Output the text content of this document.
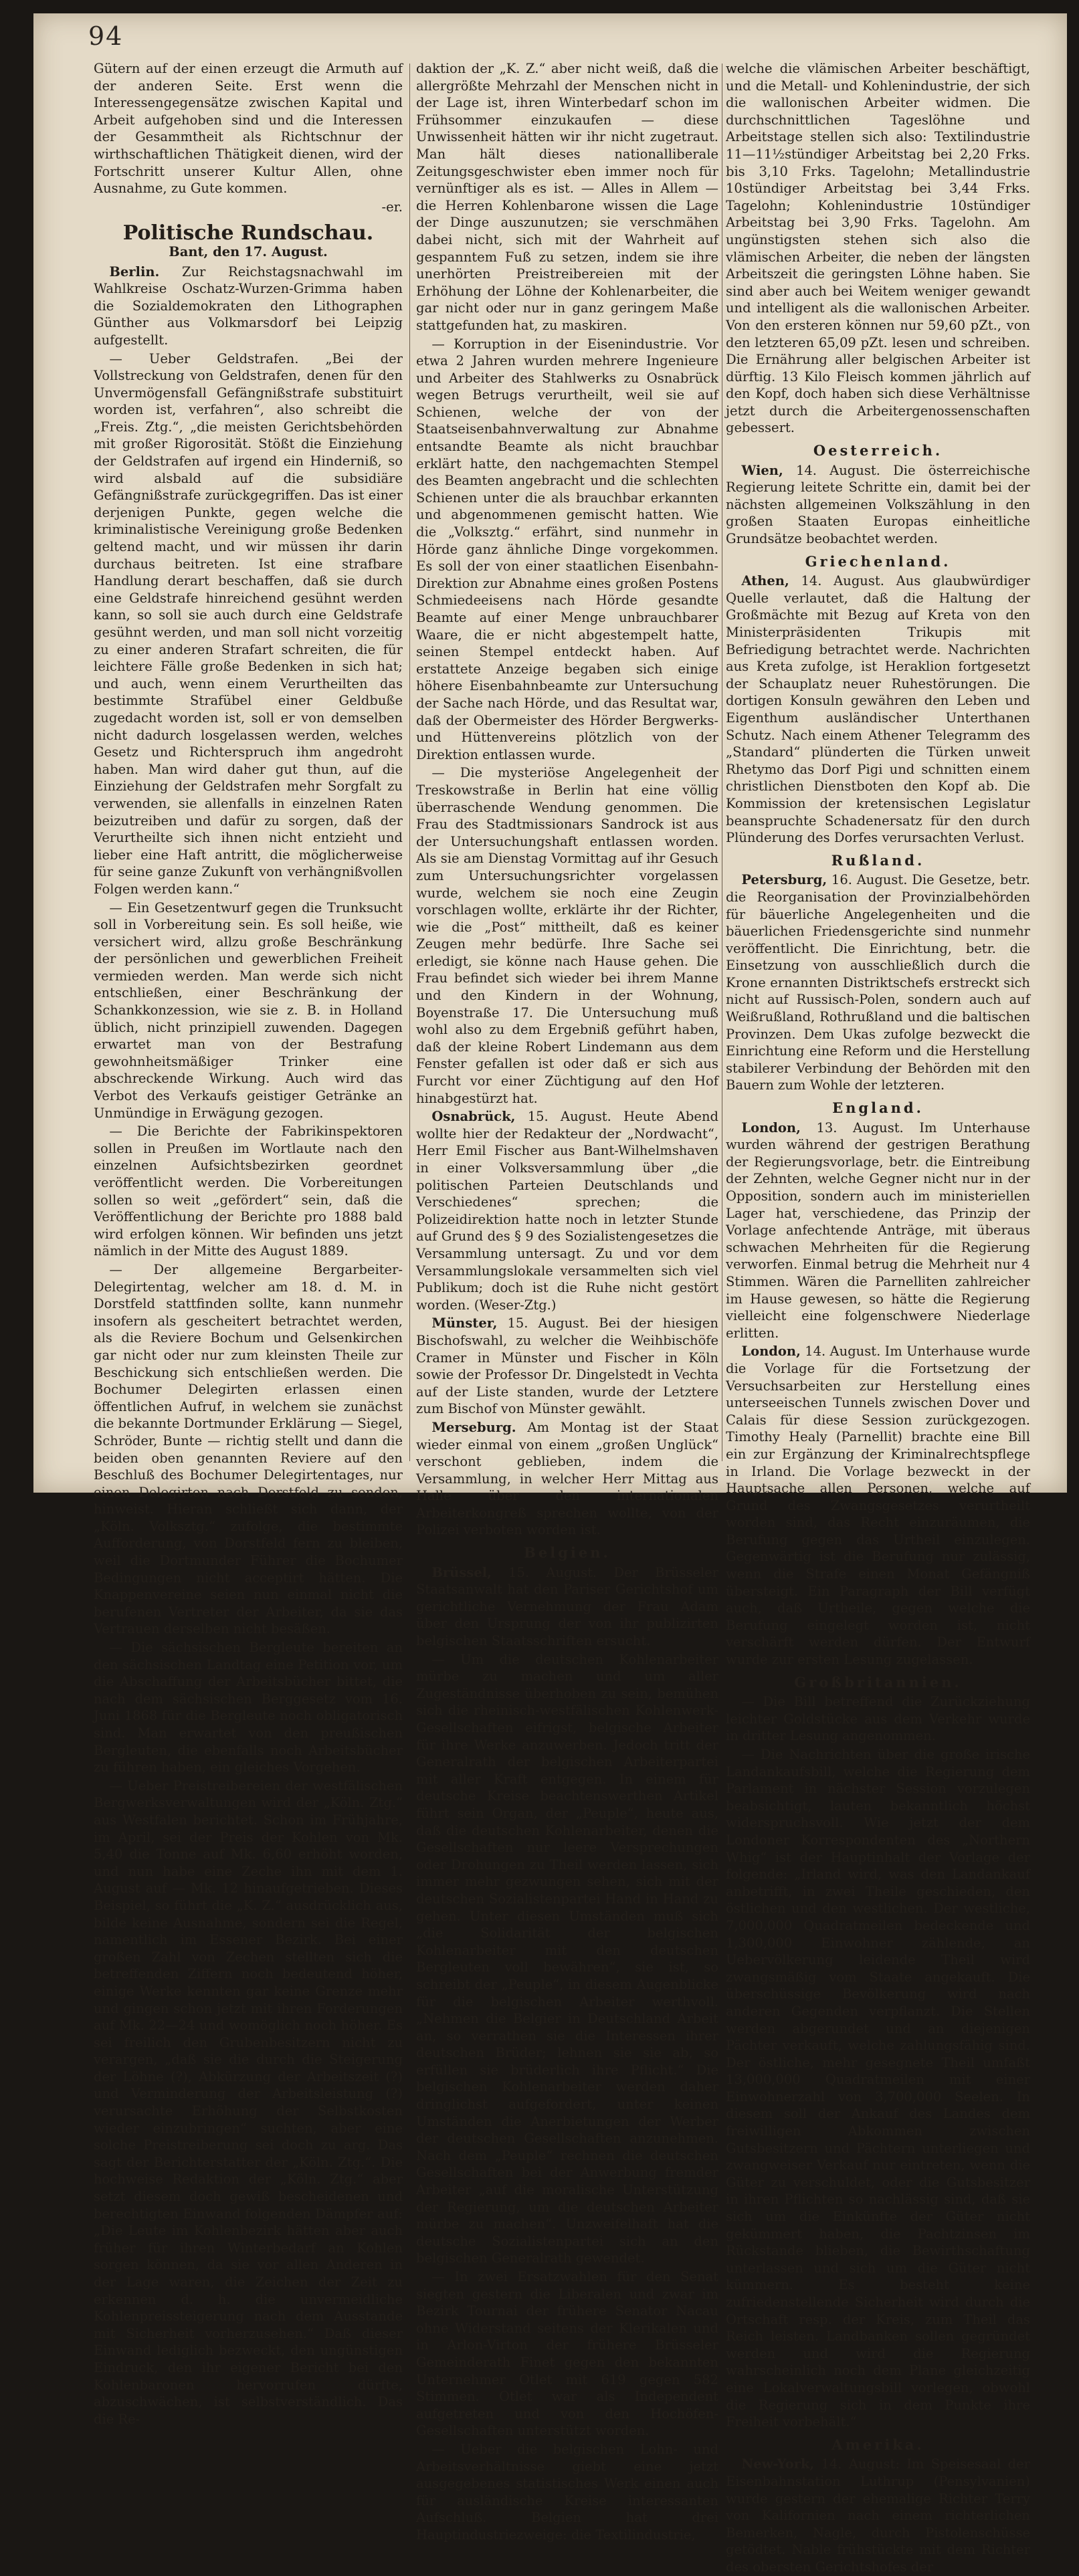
94

Gütern auf der einen erzeugt die Armuth auf der anderen Seite. Erst wenn die Interessengegensätze zwischen Kapital und Arbeit aufgehoben sind und die Interessen der Gesammtheit als Richtschnur der wirthschaftlichen Thätigkeit dienen, wird der Fortschritt unserer Kultur Allen, ohne Ausnahme, zu Gute kommen.

-er.
Politische Rundschau.
Bant, den 17. August.

Berlin. Zur Reichstagsnachwahl im Wahlkreise Oschatz-Wurzen-Grimma haben die Sozialdemokraten den Lithographen Günther aus Volkmarsdorf bei Leipzig aufgestellt.

— Ueber Geldstrafen. „Bei der Vollstreckung von Geldstrafen, denen für den Unvermögensfall Gefängnißstrafe substituirt worden ist, verfahren“, also schreibt die „Freis. Ztg.“, „die meisten Gerichtsbehörden mit großer Rigorosität. Stößt die Einziehung der Geldstrafen auf irgend ein Hinderniß, so wird alsbald auf die subsidiäre Gefängnißstrafe zurückgegriffen. Das ist einer derjenigen Punkte, gegen welche die kriminalistische Vereinigung große Bedenken geltend macht, und wir müssen ihr darin durchaus beitreten. Ist eine strafbare Handlung derart beschaffen, daß sie durch eine Geldstrafe hinreichend gesühnt werden kann, so soll sie auch durch eine Geldstrafe gesühnt werden, und man soll nicht vorzeitig zu einer anderen Strafart schreiten, die für leichtere Fälle große Bedenken in sich hat; und auch, wenn einem Verurtheilten das bestimmte Strafübel einer Geldbuße zugedacht worden ist, soll er von demselben nicht dadurch losgelassen werden, welches Gesetz und Richterspruch ihm angedroht haben. Man wird daher gut thun, auf die Einziehung der Geldstrafen mehr Sorgfalt zu verwenden, sie allenfalls in einzelnen Raten beizutreiben und dafür zu sorgen, daß der Verurtheilte sich ihnen nicht entzieht und lieber eine Haft antritt, die möglicherweise für seine ganze Zukunft von verhängnißvollen Folgen werden kann.“

— Ein Gesetzentwurf gegen die Trunksucht soll in Vorbereitung sein. Es soll heiße, wie versichert wird, allzu große Beschränkung der persönlichen und gewerblichen Freiheit vermieden werden. Man werde sich nicht entschließen, einer Beschränkung der Schankkonzession, wie sie z. B. in Holland üblich, nicht prinzipiell zuwenden. Dagegen erwartet man von der Bestrafung gewohnheitsmäßiger Trinker eine abschreckende Wirkung. Auch wird das Verbot des Verkaufs geistiger Getränke an Unmündige in Erwägung gezogen.

— Die Berichte der Fabrikinspektoren sollen in Preußen im Wortlaute nach den einzelnen Aufsichtsbezirken geordnet veröffentlicht werden. Die Vorbereitungen sollen so weit „gefördert“ sein, daß die Veröffentlichung der Berichte pro 1888 bald wird erfolgen können. Wir befinden uns jetzt nämlich in der Mitte des August 1889.

— Der allgemeine Bergarbeiter-Delegirtentag, welcher am 18. d. M. in Dorstfeld stattfinden sollte, kann nunmehr insofern als gescheitert betrachtet werden, als die Reviere Bochum und Gelsenkirchen gar nicht oder nur zum kleinsten Theile zur Beschickung sich entschließen werden. Die Bochumer Delegirten erlassen einen öffentlichen Aufruf, in welchem sie zunächst die bekannte Dortmunder Erklärung — Siegel, Schröder, Bunte — richtig stellt und dann die beiden oben genannten Reviere auf den Beschluß des Bochumer Delegirtentages, nur einen Delegirten nach Dorstfeld zu senden, hinweist. Hieran schließt sich dann, der „Köln. Volksztg.“ zufolge, die bestimmte Aufforderung, von Dorstfeld fern zu bleiben, weil die Dortmunder Führer die Bochumer Bedingungen nicht acceptirt hätten. Die Knappenvereine seien nun einmal nicht die berufenen Vertreter der Arbeiter, da sie das Vertrauen derselben nicht besäßen.

— Die sächsischen Bergleute bereiten an den sächsischen Landtag eine Petition vor, um die Abschaffung der Arbeitsbücher bittet, die nach dem sächsischen Berggesetz vom 16. Juni 1868 für die Bergleute noch obligatorisch sind. Man erwartet von den preußischen Bergleuten, die ebenfalls noch Arbeitsbücher zu führen haben, ein gleiches Vorgehen.

— Ueber Preistreibereien der westfälischen Bergwerksverwaltungen wird der „Köln. Ztg.“ aus Westfalen berichtet. Schon im Frühjahre, im April, sei der Preis der Kohlen von Mk. 5,40 die Tonne auf Mk. 6,60 erhöht worden, und nun habe eine Zeche ihn mit dem 1. August auf — Mk. 12 hinaufgetrieben. Dieses Beispiel, so führt die „K. Z.“ ausdrücklich aus, bilde keine Ausnahme, sondern sei die Regel, namentlich im Essener Bezirk. Bei einer großen Zahl von Zechen stellten sich die betreffenden Ziffern noch bedeutend höher, einige Werke kennten gar keine Grenze mehr und gingen schon jetzt mit ihren Forderungen auf Mk. 22—24 und womöglich noch höher. Es sei freilich den Grubenbesitzern nicht zu verargen, „daß sie die durch die Steigerung der Löhne (?), Abkürzung der Arbeitszeit (?) und Verminderung der Arbeitsleistung (?) verursachte Erhöhung der Selbstkosten wieder einzubringen“ suchten, aber eine solche Preistreiberung sei doch zu arg. Das sagt der Berichterstatter der „Köln. Ztg.“. Die hochweise Redaktion der „Köln. Ztg.“ aber setzt diesem doch gewiß bescheidenen und berechtigten Einwand folgenden Dämpfer auf: „Die Leute im Kohlenbezirk hätten aber auch früher für ihren Winterbedarf an Kohlen sorgen können, da sie vor allen Anderen in der Lage waren, die Zeichen der Zeit zu erkennen d. h. die unvermeidliche Kohlenpreissteigerung nach dem Ausstande mit Sicherheit vorherzusehen.“ Daß dieser Einwand lediglich bezweckt, den ungünstigen Eindruck, den ihr eigener Bericht bei den Kohlenbaronen hervorrufen dürfte, abzuschwächen, ist selbstverständlich. Das die Re-

daktion der „K. Z.“ aber nicht weiß, daß die allergrößte Mehrzahl der Menschen nicht in der Lage ist, ihren Winterbedarf schon im Frühsommer einzukaufen — diese Unwissenheit hätten wir ihr nicht zugetraut. Man hält dieses nationalliberale Zeitungsgeschwister eben immer noch für vernünftiger als es ist. — Alles in Allem — die Herren Kohlenbarone wissen die Lage der Dinge auszunutzen; sie verschmähen dabei nicht, sich mit der Wahrheit auf gespanntem Fuß zu setzen, indem sie ihre unerhörten Preistreibereien mit der Erhöhung der Löhne der Kohlenarbeiter, die gar nicht oder nur in ganz geringem Maße stattgefunden hat, zu maskiren.

— Korruption in der Eisenindustrie. Vor etwa 2 Jahren wurden mehrere Ingenieure und Arbeiter des Stahlwerks zu Osnabrück wegen Betrugs verurtheilt, weil sie auf Schienen, welche der von der Staatseisenbahnverwaltung zur Abnahme entsandte Beamte als nicht brauchbar erklärt hatte, den nachgemachten Stempel des Beamten angebracht und die schlechten Schienen unter die als brauchbar erkannten und abgenommenen gemischt hatten. Wie die „Volksztg.“ erfährt, sind nunmehr in Hörde ganz ähnliche Dinge vorgekommen. Es soll der von einer staatlichen Eisenbahn-Direktion zur Abnahme eines großen Postens Schmiedeeisens nach Hörde gesandte Beamte auf einer Menge unbrauchbarer Waare, die er nicht abgestempelt hatte, seinen Stempel entdeckt haben. Auf erstattete Anzeige begaben sich einige höhere Eisenbahnbeamte zur Untersuchung der Sache nach Hörde, und das Resultat war, daß der Obermeister des Hörder Bergwerks- und Hüttenvereins plötzlich von der Direktion entlassen wurde.

— Die mysteriöse Angelegenheit der Treskowstraße in Berlin hat eine völlig überraschende Wendung genommen. Die Frau des Stadtmissionars Sandrock ist aus der Untersuchungshaft entlassen worden. Als sie am Dienstag Vormittag auf ihr Gesuch zum Untersuchungsrichter vorgelassen wurde, welchem sie noch eine Zeugin vorschlagen wollte, erklärte ihr der Richter, wie die „Post“ mittheilt, daß es keiner Zeugen mehr bedürfe. Ihre Sache sei erledigt, sie könne nach Hause gehen. Die Frau befindet sich wieder bei ihrem Manne und den Kindern in der Wohnung, Boyenstraße 17. Die Untersuchung muß wohl also zu dem Ergebniß geführt haben, daß der kleine Robert Lindemann aus dem Fenster gefallen ist oder daß er sich aus Furcht vor einer Züchtigung auf den Hof hinabgestürzt hat.

Osnabrück, 15. August. Heute Abend wollte hier der Redakteur der „Nordwacht“, Herr Emil Fischer aus Bant-Wilhelmshaven in einer Volksversammlung über „die politischen Parteien Deutschlands und Verschiedenes“ sprechen; die Polizeidirektion hatte noch in letzter Stunde auf Grund des § 9 des Sozialistengesetzes die Versammlung untersagt. Zu und vor dem Versammlungslokale versammelten sich viel Publikum; doch ist die Ruhe nicht gestört worden. (Weser-Ztg.)

Münster, 15. August. Bei der hiesigen Bischofswahl, zu welcher die Weihbischöfe Cramer in Münster und Fischer in Köln sowie der Professor Dr. Dingelstedt in Vechta auf der Liste standen, wurde der Letztere zum Bischof von Münster gewählt.

Merseburg. Am Montag ist der Staat wieder einmal von einem „großen Unglück“ verschont geblieben, indem die Versammlung, in welcher Herr Mittag aus Halle über den internationalen Arbeiterkongreß sprechen wollte, von der Polizei verboten worden ist.

Belgien.

Brüssel, 15. August. Der Brüsseler Staatsanwalt hat den Pariser Gerichtshof um gerichtliche Vernehmung der Frau Adam über den Ursprung der von ihr publizirten belgischen Staatsschriften ersucht.

— Um die deutschen Kohlenarbeiter mürbe zu machen und um aller Zugeständnisse überhoben zu sein, bemühen sich die rheinisch-westfälischen Kohlenwerk-Gesellschaften eifrigst, belgische Arbeiter für ihre Werke anzuwerben. Jedoch tritt der Generalrath der belgischen Arbeiterpartei mit aller Kraft entgegen. In einem für deutsche Kreise beachtenswerthen Artikel führt sein Organ, der „Peuple“, heute aus, daß die deutschen Kohlenarbeiter, denen die Gesellschaften nur leere Versprechungen oder Drohungen zu Theil werden lassen, sich immer mehr gezwungen sehen, sich mit der deutschen Sozialistenpartei Hand in Hand zu gehen. Unter diesen Umständen muß sich „die Solidarität der belgischen Kohlenarbeiter mit den deutschen Bergleuten voll bewähren“, sie ist, so schreibt der „Peuple“, in diesem Augenblicke für die belgischen Arbeiter werthvoll. „Nehmen die Belgier in Deutschland Arbeit an, so verrathen sie die Interessen ihrer deutschen Brüder; lehnen sie sie ab, so erfüllen sie brüderlich ihre Pflicht.“ Die belgischen Kohlenarbeiter werden daher dringlichst aufgefordert, unter keinen Umständen die Anerbietungen der Werber der deutschen Gesellschaften anzunehmen. Nach dem „Peuple“ rechnen die deutschen Gesellschaften bei der Anwerbung fremder Arbeiter „auf die moralische Unterstützung der Regierung, um die deutschen Arbeiter mürbe zu machen“. Unzweifelhaft hat die deutsche Sozialistenpartei sich an den belgischen Generalrath gewendet.

— In zwei Ersatzwahlen für den Senat siegten gestern die Liberalen und zwar im Bezirk Tournai der frühere Senator Nacau ohne Widerstand seitens der Klerikalen und in Arlon-Virton der frühere Brüsseler Gemeinderath Finet gegen den bekannten Unternehmer Otlet mit 619 gegen 582 Stimmen. Otlet war als Independent aufgetreten und von den Hochöfen-Gesellschaften unterstützt worden.

— Ueber die belgischen Lohn- und Arbeitsverhältnisse giebt eine jetzt ausgegebenes statistisches Werk einen auch für ausländische Kreise interessanten Aufschluß. Belgien hat drei Hauptindustriezweige: die Textilindustrie,

welche die vlämischen Arbeiter beschäftigt, und die Metall- und Kohlenindustrie, der sich die wallonischen Arbeiter widmen. Die durchschnittlichen Tageslöhne und Arbeitstage stellen sich also: Textilindustrie 11—11½stündiger Arbeitstag bei 2,20 Frks. bis 3,10 Frks. Tagelohn; Metallindustrie 10stündiger Arbeitstag bei 3,44 Frks. Tagelohn; Kohlenindustrie 10stündiger Arbeitstag bei 3,90 Frks. Tagelohn. Am ungünstigsten stehen sich also die vlämischen Arbeiter, die neben der längsten Arbeitszeit die geringsten Löhne haben. Sie sind aber auch bei Weitem weniger gewandt und intelligent als die wallonischen Arbeiter. Von den ersteren können nur 59,60 pZt., von den letzteren 65,09 pZt. lesen und schreiben. Die Ernährung aller belgischen Arbeiter ist dürftig. 13 Kilo Fleisch kommen jährlich auf den Kopf, doch haben sich diese Verhältnisse jetzt durch die Arbeitergenossenschaften gebessert.

Oesterreich.

Wien, 14. August. Die österreichische Regierung leitete Schritte ein, damit bei der nächsten allgemeinen Volkszählung in den großen Staaten Europas einheitliche Grundsätze beobachtet werden.

Griechenland.

Athen, 14. August. Aus glaubwürdiger Quelle verlautet, daß die Haltung der Großmächte mit Bezug auf Kreta von den Ministerpräsidenten Trikupis mit Befriedigung betrachtet werde. Nachrichten aus Kreta zufolge, ist Heraklion fortgesetzt der Schauplatz neuer Ruhestörungen. Die dortigen Konsuln gewähren den Leben und Eigenthum ausländischer Unterthanen Schutz. Nach einem Athener Telegramm des „Standard“ plünderten die Türken unweit Rhetymo das Dorf Pigi und schnitten einem christlichen Dienstboten den Kopf ab. Die Kommission der kretensischen Legislatur beanspruchte Schadenersatz für den durch Plünderung des Dorfes verursachten Verlust.

Rußland.

Petersburg, 16. August. Die Gesetze, betr. die Reorganisation der Provinzialbehörden für bäuerliche Angelegenheiten und die bäuerlichen Friedensgerichte sind nunmehr veröffentlicht. Die Einrichtung, betr. die Einsetzung von ausschließlich durch die Krone ernannten Distriktschefs erstreckt sich nicht auf Russisch-Polen, sondern auch auf Weißrußland, Rothrußland und die baltischen Provinzen. Dem Ukas zufolge bezweckt die Einrichtung eine Reform und die Herstellung stabilerer Verbindung der Behörden mit den Bauern zum Wohle der letzteren.

England.

London, 13. August. Im Unterhause wurden während der gestrigen Berathung der Regierungsvorlage, betr. die Eintreibung der Zehnten, welche Gegner nicht nur in der Opposition, sondern auch im ministeriellen Lager hat, verschiedene, das Prinzip der Vorlage anfechtende Anträge, mit überaus schwachen Mehrheiten für die Regierung verworfen. Einmal betrug die Mehrheit nur 4 Stimmen. Wären die Parnelliten zahlreicher im Hause gewesen, so hätte die Regierung vielleicht eine folgenschwere Niederlage erlitten.

London, 14. August. Im Unterhause wurde die Vorlage für die Fortsetzung der Versuchsarbeiten zur Herstellung eines unterseeischen Tunnels zwischen Dover und Calais für diese Session zurückgezogen. Timothy Healy (Parnellit) brachte eine Bill ein zur Ergänzung der Kriminalrechtspflege in Irland. Die Vorlage bezweckt in der Hauptsache allen Personen, welche auf Grund des Zwangsgesetzes verurtheilt worden sind, das Recht einzuräumen, die Berufung gegen das Urtheil einzulegen. Gegenwärtig ist die Berufung nur zulässig, wenn die Strafe einen Monat Gefängniß übersteigt. Ein Paragraph der Bill verfügt auch, daß Urtheile, gegen welche die Berufung eingelegt worden ist, nicht verschärft werden dürfen. Der Entwurf wurde zur ersten Lesung zugelassen.

Großbritannien.

— Die Bill betreffend die Zurückziehung leichter Goldstücke aus dem Verkehr wurde in dritter Lesung angenommen.

— Die Nachrichten über die große irische Landankaufsbill, welche die Regierung dem Parlament in nächster Session vorzulegen beabsichtigt, lauten bekanntlich höchst widerspruchsvoll. Wie jetzt der dem Londoner Korrespondenten des „Northern Whig“ ist der Hauptinhalt der Vorlage der folgende: „Irland wird, was den Landankauf anbetrifft, in zwei Theile geschieden, den östlichen und den westlichen. Der westliche, 7,000,000 Quadratmeilen bedeckende und 1,300,000 Einwohner zählende, an Uebervölkerung leidende Theil wird zwangsmäßig vom Staate angekauft. Die überschüssige Bevölkerung wird nach anderen Gegenden verpflanzt. Die Stellen werden abgerundet und an diejenigen Pächter verkauft, welche zahlungsfähig sind. Der östliche, mehr gesegnete Theil umfaßt 13,000,000 Quadratmeilen mit einer Einwohnerzahl von 3,700,000 Seelen. In diesem soll der Ankauf des Landes dem freiwilligen Abkommen zwischen Gutsbesitzern und Pächtern unterliegen und zwangweiser Verkauf nur eintreten, wenn die Güter zu verschuldet, oder die Gutsbesitzer in ihren Pflichten so nachlässig sind, daß sie sich um die Einkünfte der Güter nicht gekümmert haben, die Pachtzinsen im Rückstande blieben, die Bewirthschaftung unterlassen und sich um die Güter nicht kümmern. Es besteht keine zufriedenstellende Sicherheit wird durch die Ortschaft resp. der Kreis, zum Theil das Reich leisten. Landbanken sollen gegründet werden und wird die Regierung wahrscheinlich noch dem Plane gleichzeitig eine Lokalverwaltungsbill vorlegen, obwohl die Regierung sich in dem Punkte ihre Freiheit vorbehält.“

Amerika.

New-York, 14. August: Im Speisesaal der Eisenbahnstation Luthrup (Pensylvanien) wurde gestern der ehemalige Richter Terry von Kalifornien nach einem richterlichen Bemerken, Nagle, durch Pistolenschüsse getödtet. Nable frühstückte mit dem Richter des obersten Gerichtshofes der
